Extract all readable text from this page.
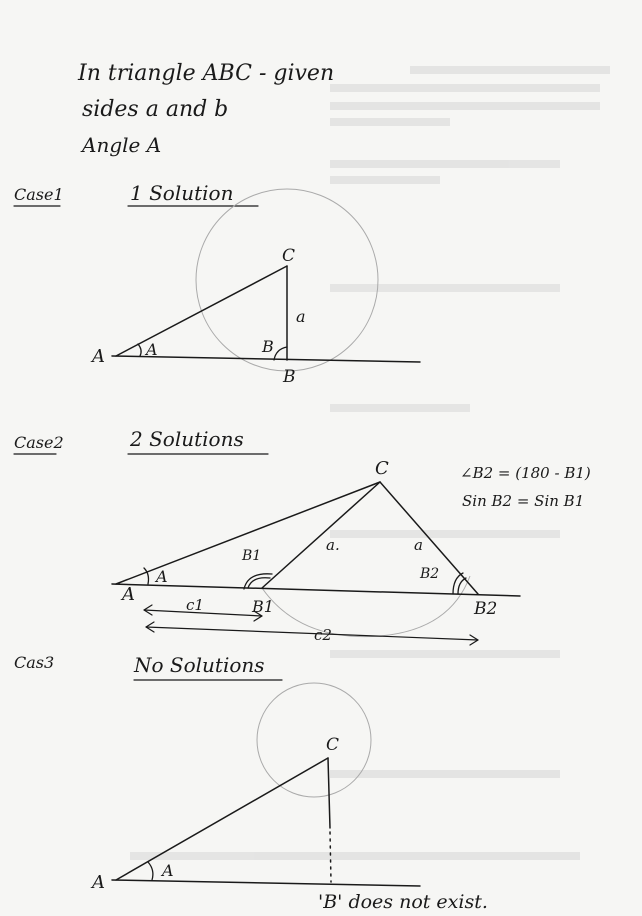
In triangle ABC - given
sides a and b
Angle A
Case1	1 Solution
A	A	B
B
C
a
Case2	2 Solutions
A
A
B1
B1
B2
B2
C
a.	a
∠B2 = (180 - B1)
Sin B2 = Sin B1
c1
c2
Cas3	No Solutions
A
A
C
'B' does not exist.
